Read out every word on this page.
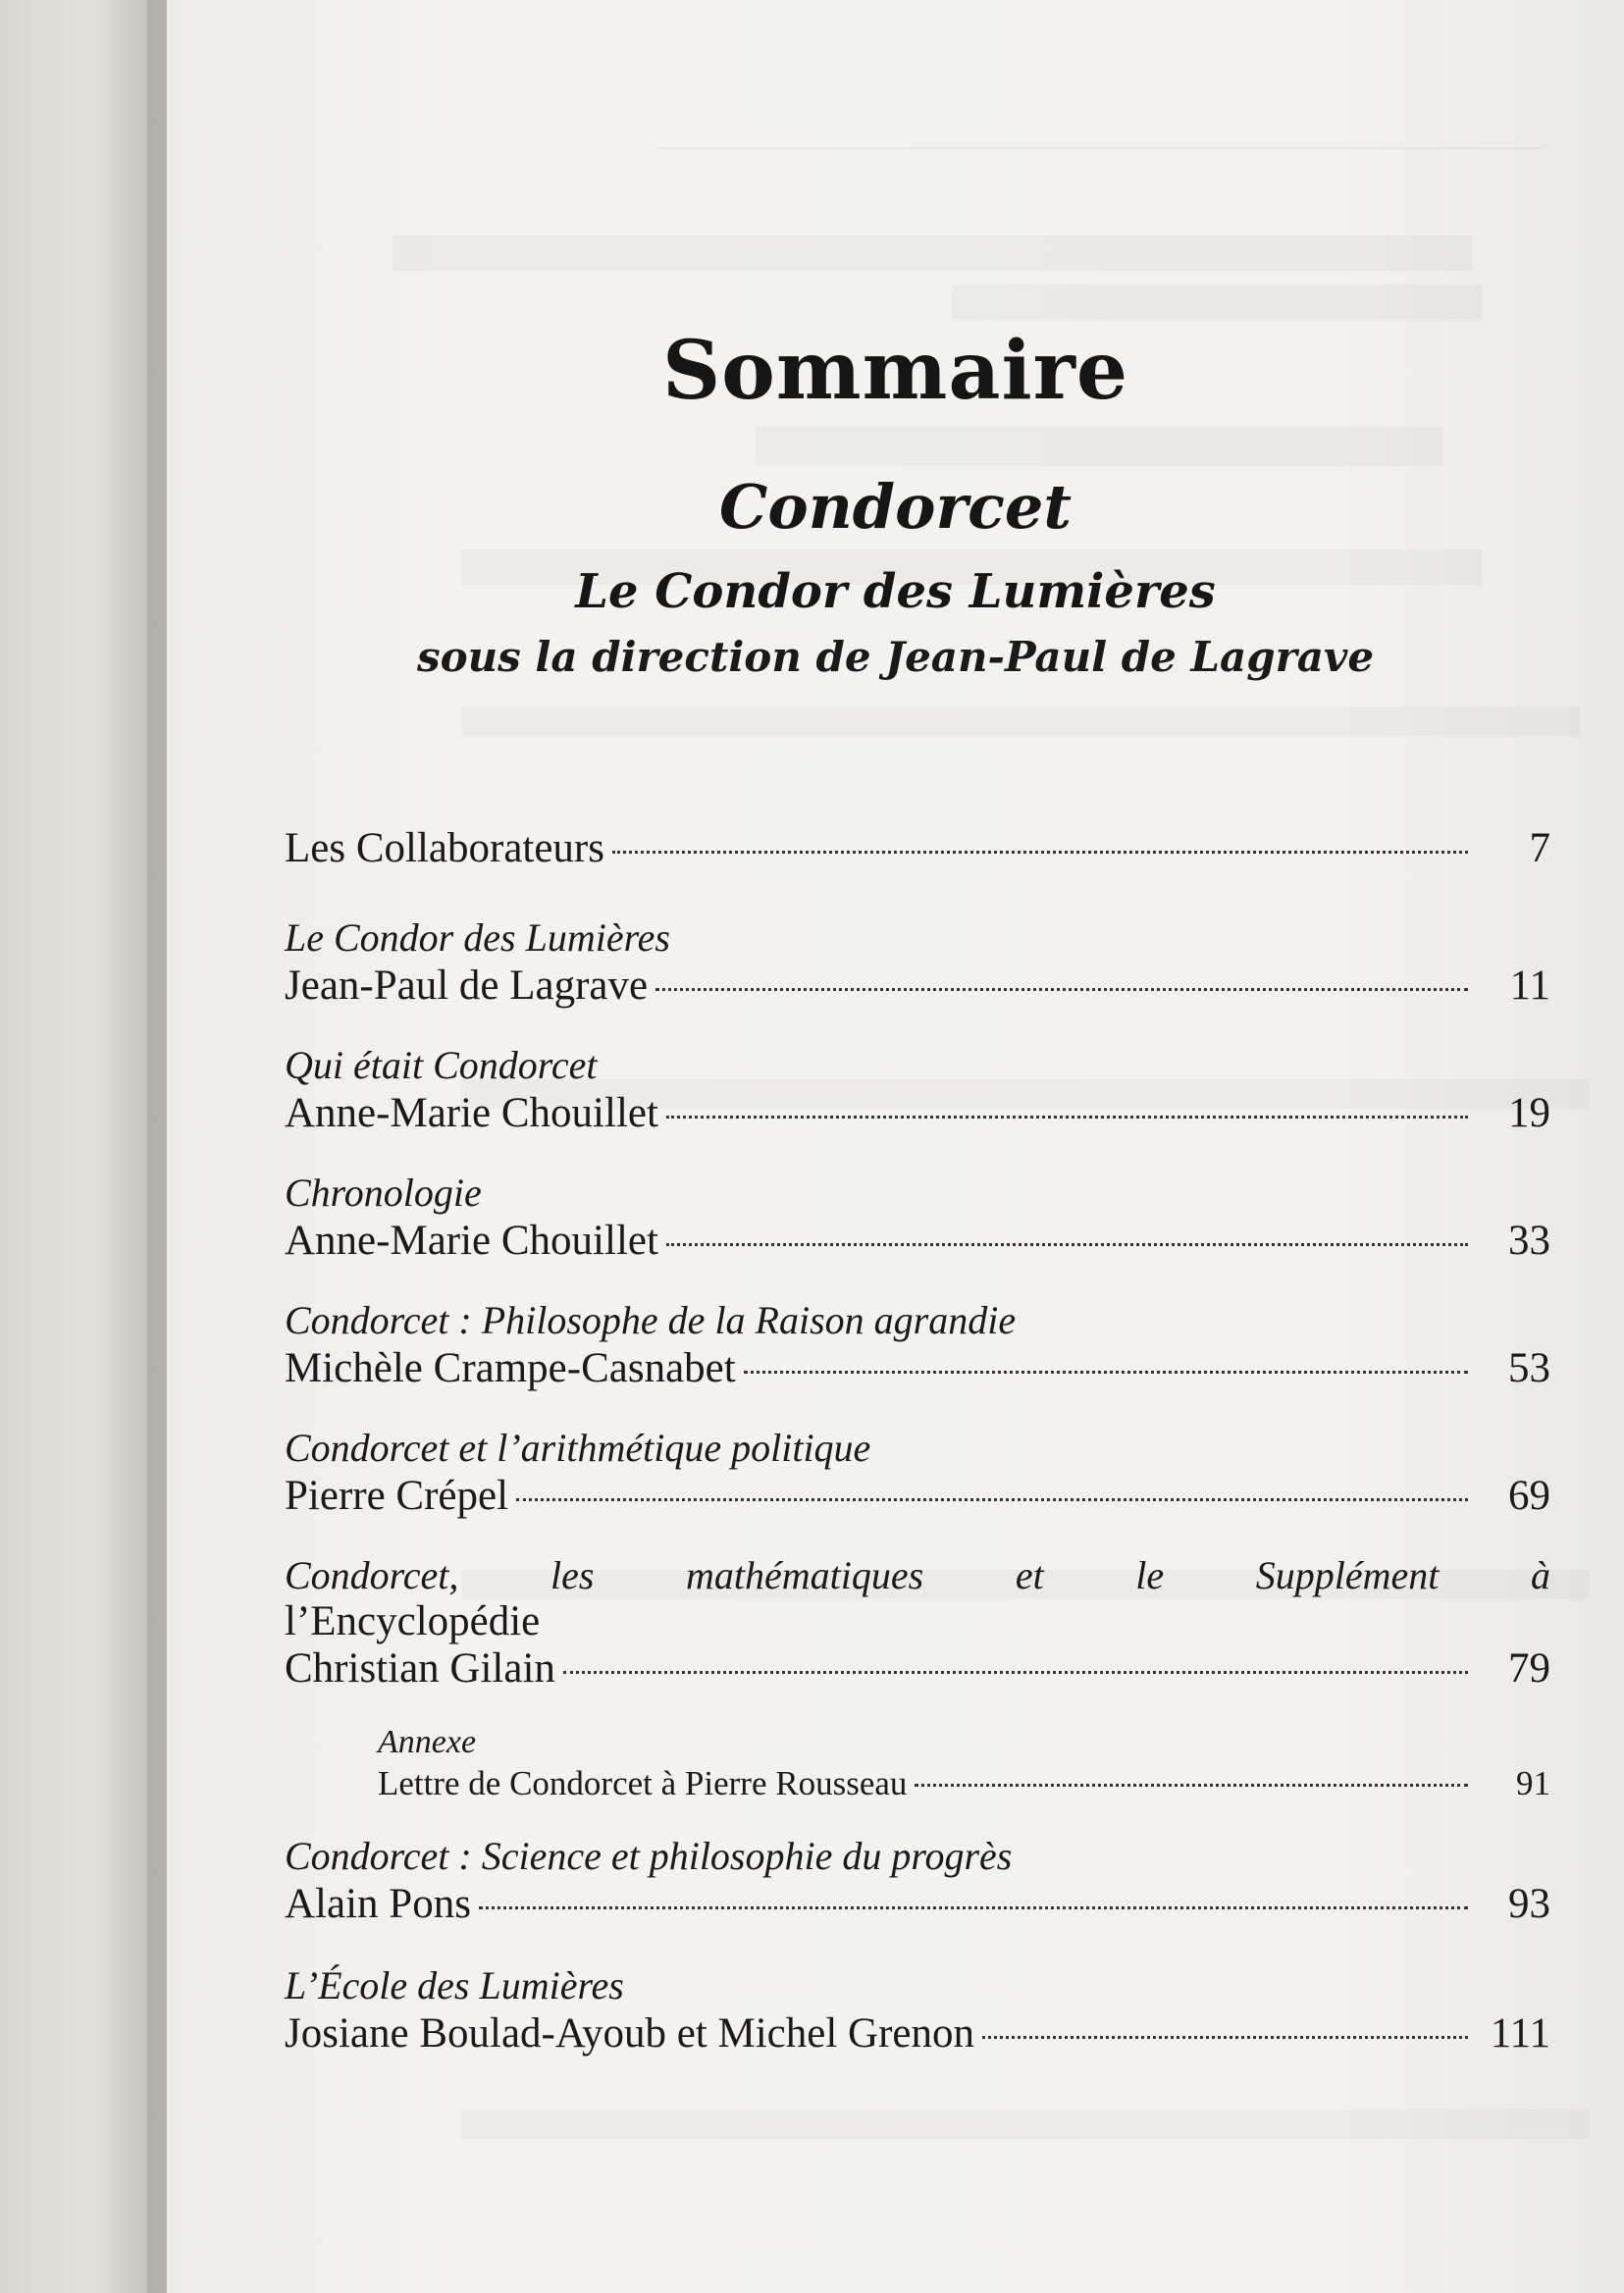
Sommaire
Condorcet
Le Condor des Lumières
sous la direction de Jean-Paul de Lagrave
Les Collaborateurs	7
Le Condor des Lumières
Jean-Paul de Lagrave	11
Qui était Condorcet
Anne-Marie Chouillet	19
Chronologie
Anne-Marie Chouillet	33
Condorcet : Philosophe de la Raison agrandie
Michèle Crampe-Casnabet	53
Condorcet et l’arithmétique politique
Pierre Crépel	69
Condorcet, les mathématiques et le Supplément à
l’Encyclopédie
Christian Gilain	79
Annexe
Lettre de Condorcet à Pierre Rousseau	91
Condorcet : Science et philosophie du progrès
Alain Pons	93
L’École des Lumières
Josiane Boulad-Ayoub et Michel Grenon	111
